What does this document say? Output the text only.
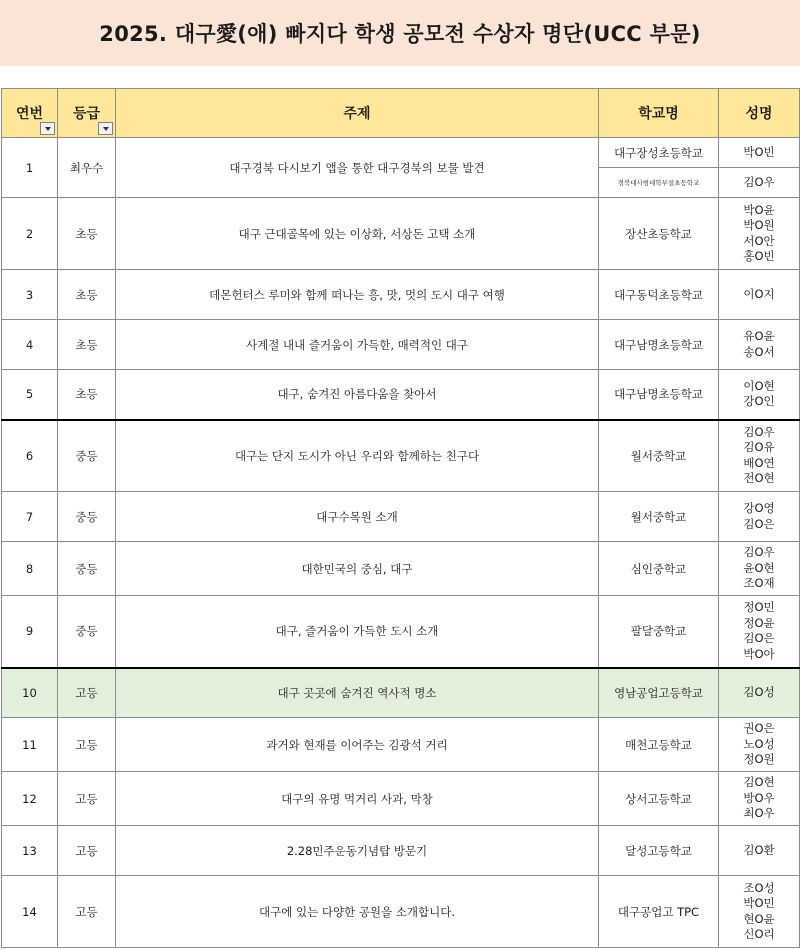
2025. 대구愛(애) 빠지다 학생 공모전 수상자 명단(UCC 부문)
연번	등급	주제	학교명	성명
1	최우수	대구경북 다시보기 앱을 통한 대구경북의 보물 발견	대구장성초등학교	박O빈

			경북대사범대학부설초등학교	김O우

2	초등	대구 근대골목에 있는 이상화, 서상돈 고택 소개	장산초등학교	박O윤
박O원
서O안
홍O빈

3	초등	데몬헌터스 루미와 함께 떠나는 흥, 맛, 멋의 도시 대구 여행	대구동덕초등학교	이O지

4	초등	사계절 내내 즐거움이 가득한, 매력적인 대구	대구남명초등학교	유O윤
송O서

5	초등	대구, 숨겨진 아름다움을 찾아서	대구남명초등학교	이O현
강O인

6	중등	대구는 단지 도시가 아닌 우리와 함께하는 친구다	월서중학교	김O우
김O유
배O연
전O현

7	중등	대구수목원 소개	월서중학교	강O영
김O은

8	중등	대한민국의 중심, 대구	심인중학교	김O우
윤O현
조O재

9	중등	대구, 즐거움이 가득한 도시 소개	팔달중학교	정O민
정O윤
김O은
박O아

10	고등	대구 곳곳에 숨겨진 역사적 명소	영남공업고등학교	김O성

11	고등	과거와 현재를 이어주는 김광석 거리	매천고등학교	권O은
노O성
정O원

12	고등	대구의 유명 먹거리 사과, 막창	상서고등학교	김O현
방O우
최O우

13	고등	2.28민주운동기념탑 방문기	달성고등학교	김O환

14	고등	대구에 있는 다양한 공원을 소개합니다.	대구공업고 TPC	조O성
박O민
현O윤
신O리
